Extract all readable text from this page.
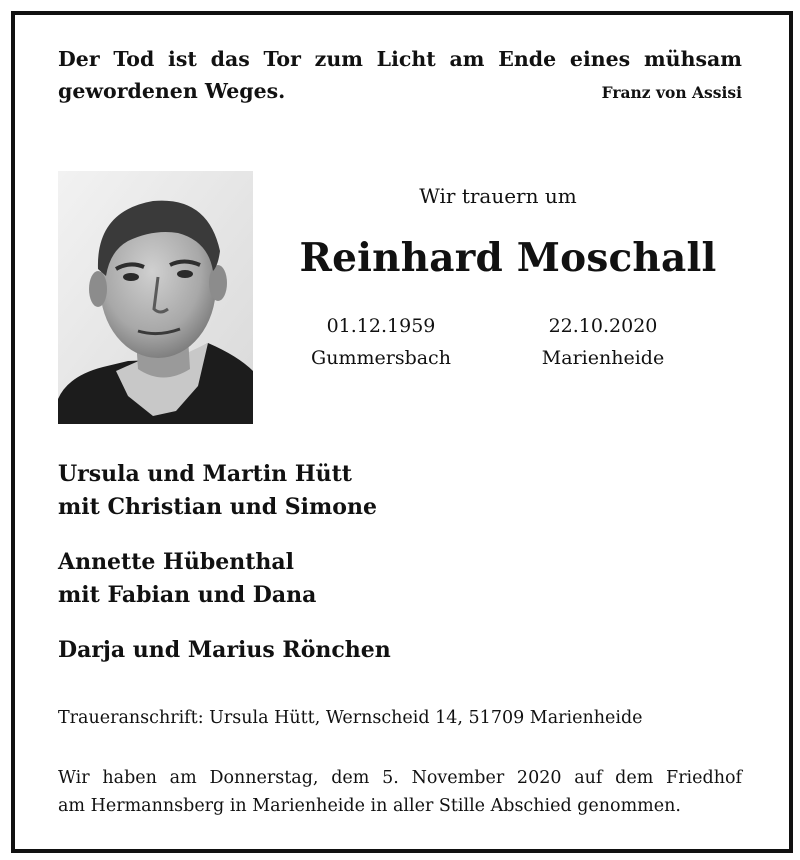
Der Tod ist das Tor zum Licht am Ende eines mühsam
gewordenen Weges.	Franz von Assisi
Wir trauern um
Reinhard Moschall
01.12.1959
Gummersbach
22.10.2020
Marienheide
Ursula und Martin Hütt
mit Christian und Simone
Annette Hübenthal
mit Fabian und Dana
Darja und Marius Rönchen
Traueranschrift: Ursula Hütt, Wernscheid 14, 51709 Marienheide
Wir haben am Donnerstag, dem 5. November 2020 auf dem Friedhof
am Hermannsberg in Marienheide in aller Stille Abschied genommen.
